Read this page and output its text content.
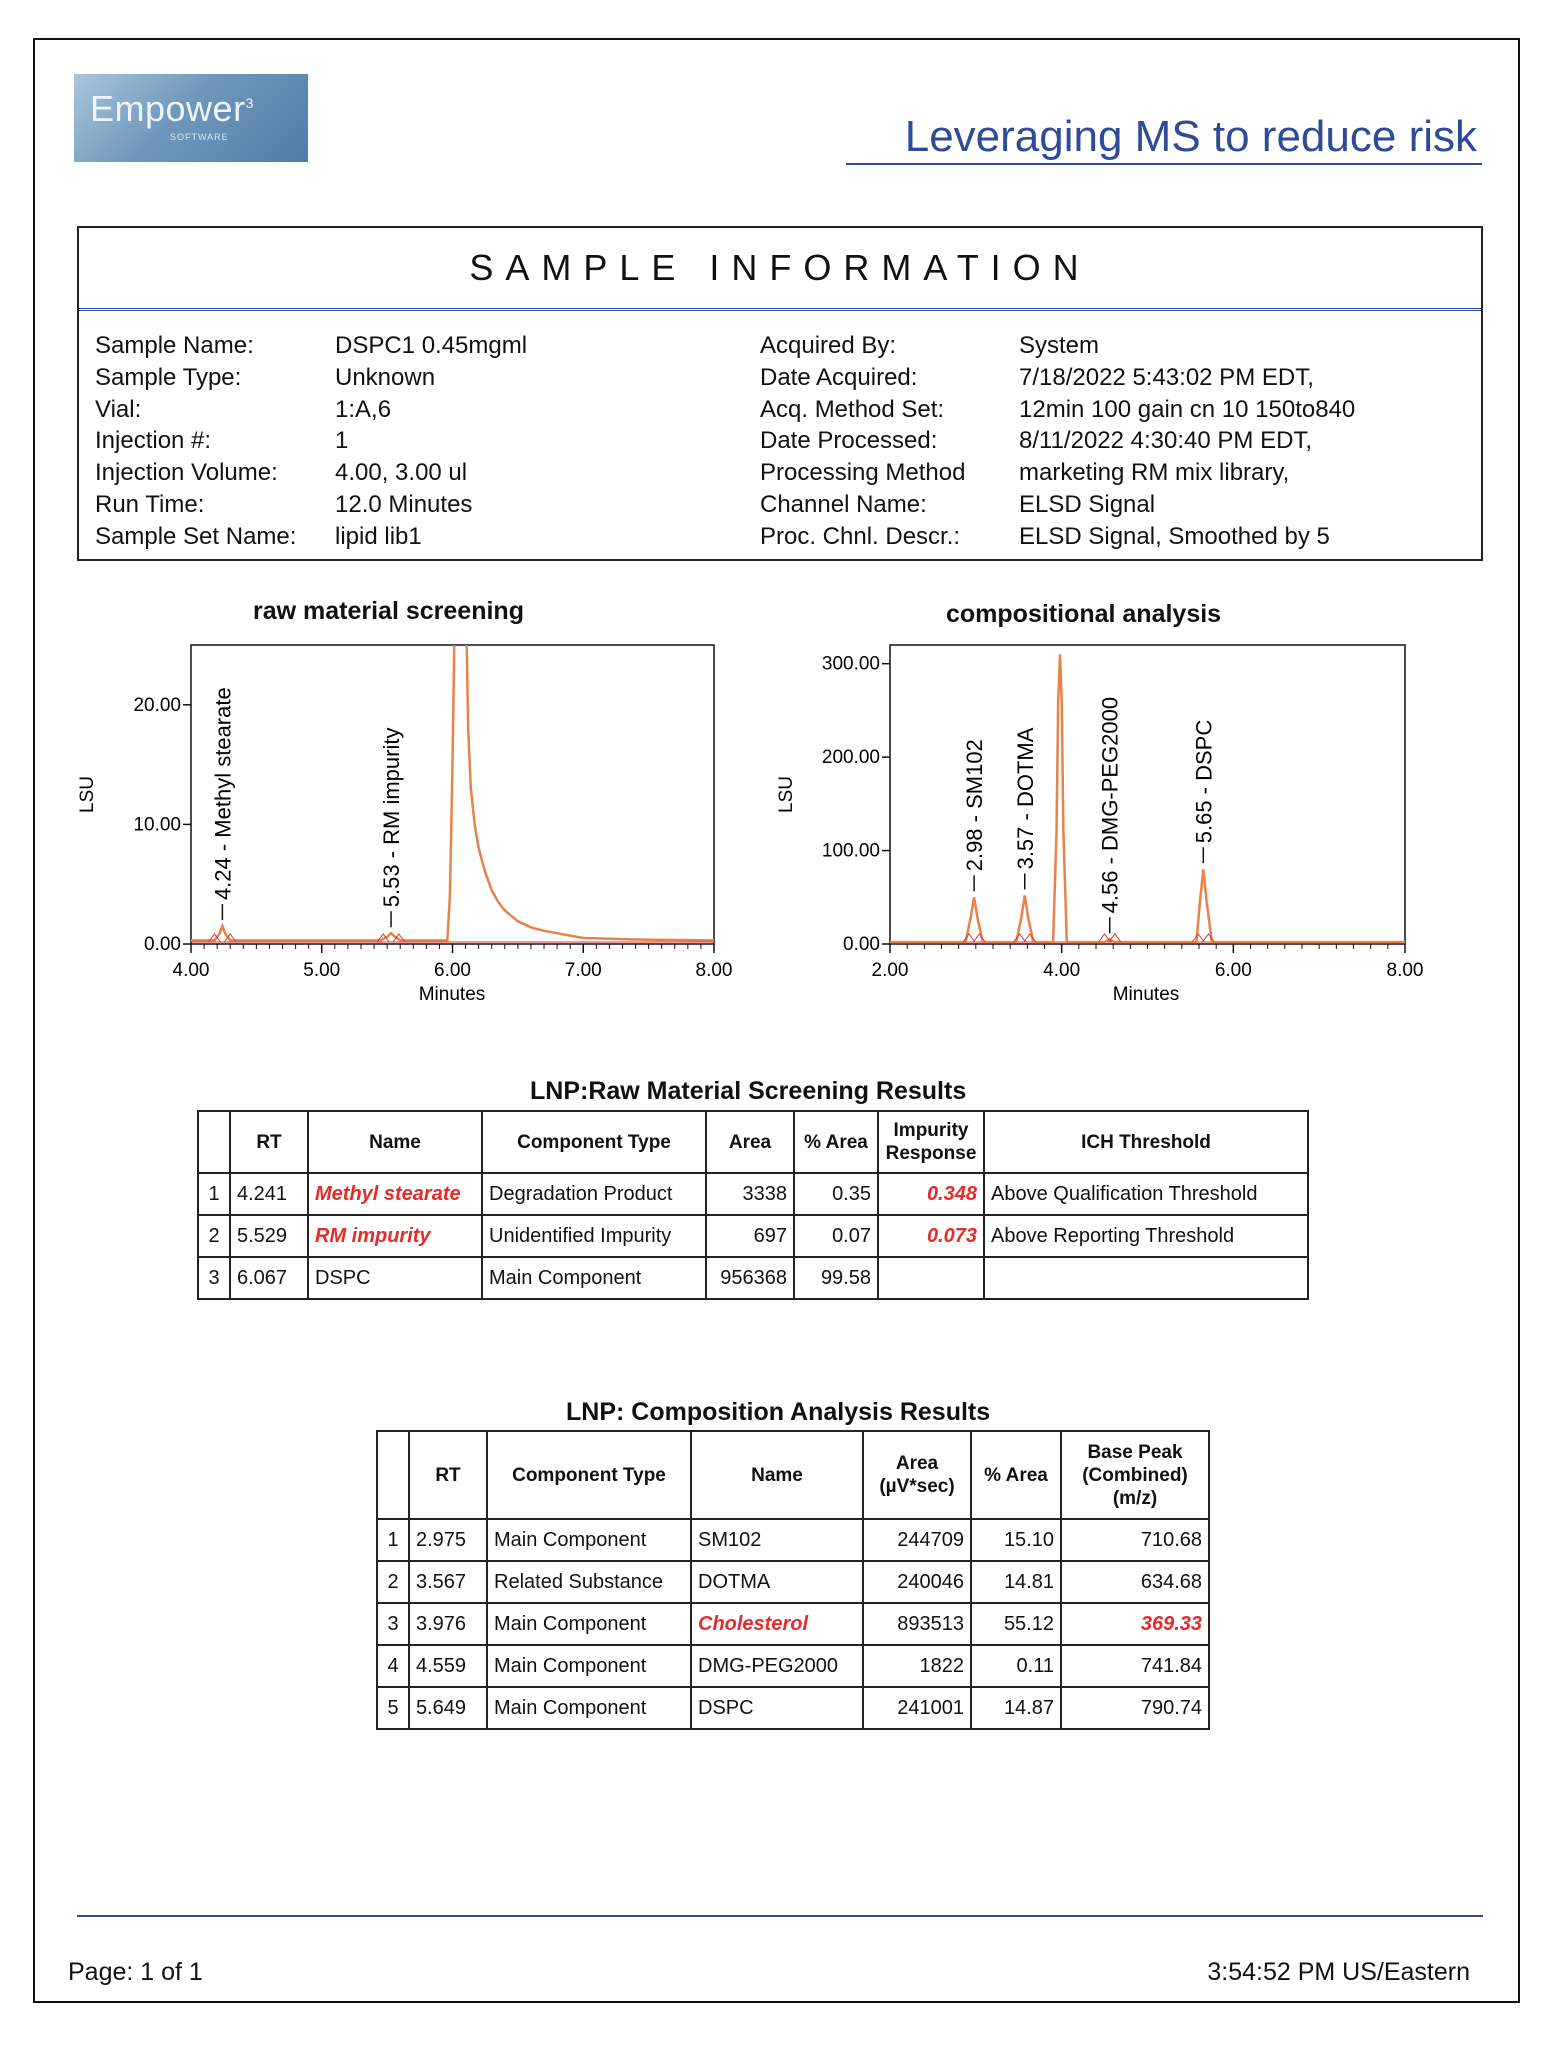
Empower$^3$
SOFTWARE	Leveraging MS to reduce risk
SAMPLE INFORMATION
Sample Name:	DSPC1 0.45mgml	Acquired By:	System
Sample Type:	Unknown	Date Acquired:	7/18/2022 5:43:02 PM EDT,
Vial:	1:A,6	Acq. Method Set:	12min 100 gain cn 10 150to840
Injection #:	1	Date Processed:	8/11/2022 4:30:40 PM EDT,
Injection Volume:	4.00, 3.00 ul	Processing Method	marketing RM mix library,
Run Time:	12.0 Minutes	Channel Name:	ELSD Signal
Sample Set Name:	lipid lib1	Proc. Chnl. Descr.:	ELSD Signal, Smoothed by 5
raw material screening	compositional analysis
0.00
10.00
20.00
4.00	5.00	6.00	7.00	8.00
Minutes
LSU	4.24 - Methyl stearate	5.53 - RM impurity
0.00
100.00
200.00
300.00
2.00	4.00	6.00	8.00
Minutes
LSU	2.98 - SM102 3.57 - DOTMA	4.56 - DMG-PEG2000	5.65 - DSPC
LNP:Raw Material Screening Results
	RT	Name	Component Type	Area	% Area	Impurity Response	ICH Threshold
1	4.241	Methyl stearate	Degradation Product	3338	0.35	0.348	Above Qualification Threshold
2	5.529	RM impurity	Unidentified Impurity	697	0.07	0.073	Above Reporting Threshold
3	6.067	DSPC	Main Component	956368	99.58		
LNP: Composition Analysis Results
	RT	Component Type	Name	Area (µV*sec)	% Area	Base Peak (Combined) (m/z)
1	2.975	Main Component	SM102	244709	15.10	710.68
2	3.567	Related Substance	DOTMA	240046	14.81	634.68
3	3.976	Main Component	Cholesterol	893513	55.12	369.33
4	4.559	Main Component	DMG-PEG2000	1822	0.11	741.84
5	5.649	Main Component	DSPC	241001	14.87	790.74
Page: 1 of 1	3:54:52 PM US/Eastern
